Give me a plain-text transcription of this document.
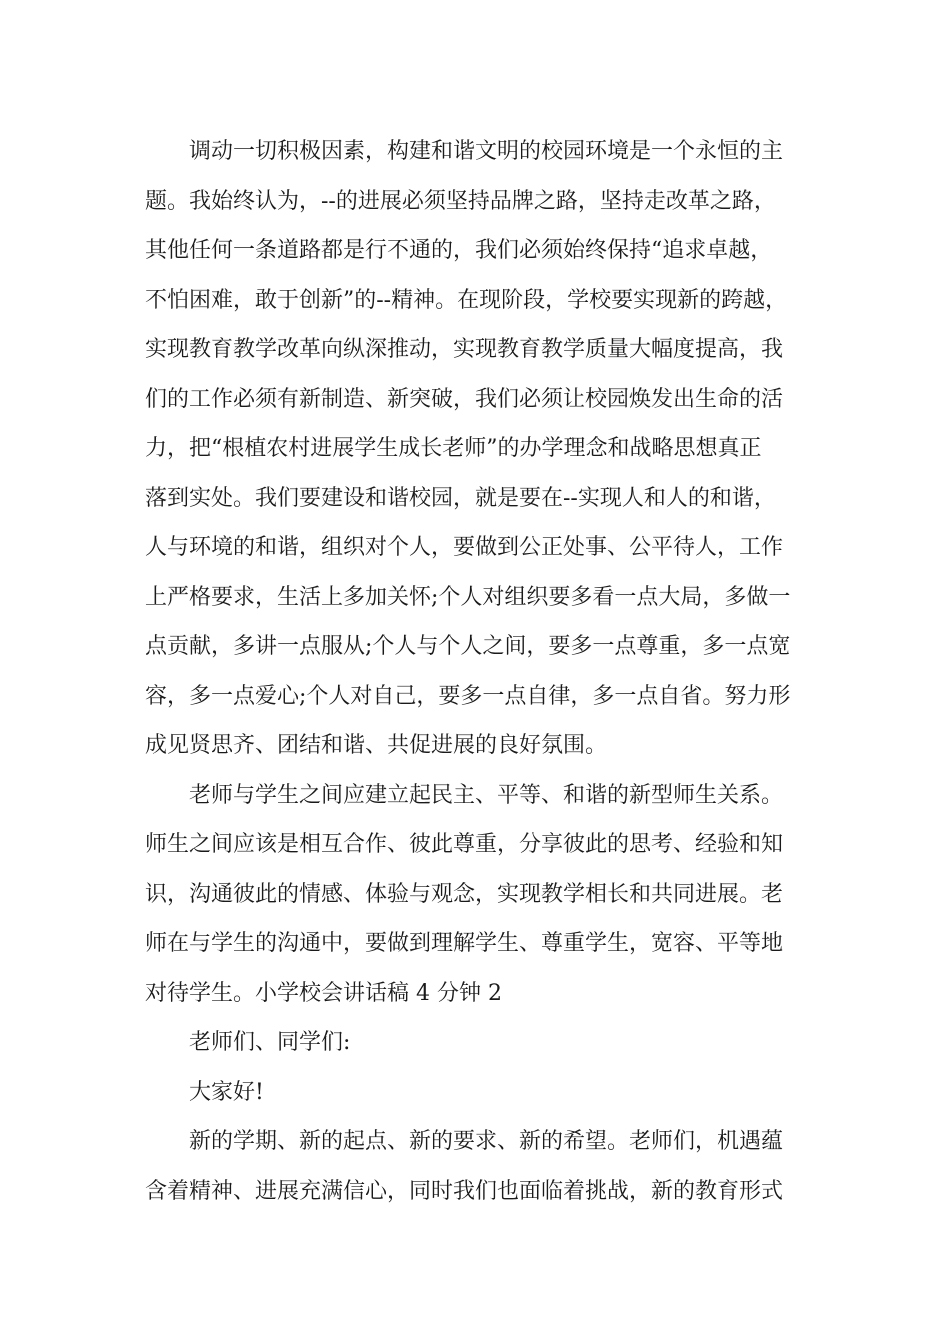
调动一切积极因素，构建和谐文明的校园环境是一个永恒的主
题。我始终认为，--的进展必须坚持品牌之路，坚持走改革之路，
其他任何一条道路都是行不通的，我们必须始终保持“追求卓越，
不怕困难，敢于创新”的--精神。在现阶段，学校要实现新的跨越，
实现教育教学改革向纵深推动，实现教育教学质量大幅度提高，我
们的工作必须有新制造、新突破，我们必须让校园焕发出生命的活
力，把“根植农村进展学生成长老师”的办学理念和战略思想真正
落到实处。我们要建设和谐校园，就是要在--实现人和人的和谐，
人与环境的和谐，组织对个人，要做到公正处事、公平待人，工作
上严格要求，生活上多加关怀;个人对组织要多看一点大局，多做一
点贡献，多讲一点服从;个人与个人之间，要多一点尊重，多一点宽
容，多一点爱心;个人对自己，要多一点自律，多一点自省。努力形
成见贤思齐、团结和谐、共促进展的良好氛围。
老师与学生之间应建立起民主、平等、和谐的新型师生关系。
师生之间应该是相互合作、彼此尊重，分享彼此的思考、经验和知
识，沟通彼此的情感、体验与观念，实现教学相长和共同进展。老
师在与学生的沟通中，要做到理解学生、尊重学生，宽容、平等地
对待学生。小学校会讲话稿 4 分钟 2
老师们、同学们:
大家好!
新的学期、新的起点、新的要求、新的希望。老师们，机遇蕴
含着精神、进展充满信心，同时我们也面临着挑战，新的教育形式
